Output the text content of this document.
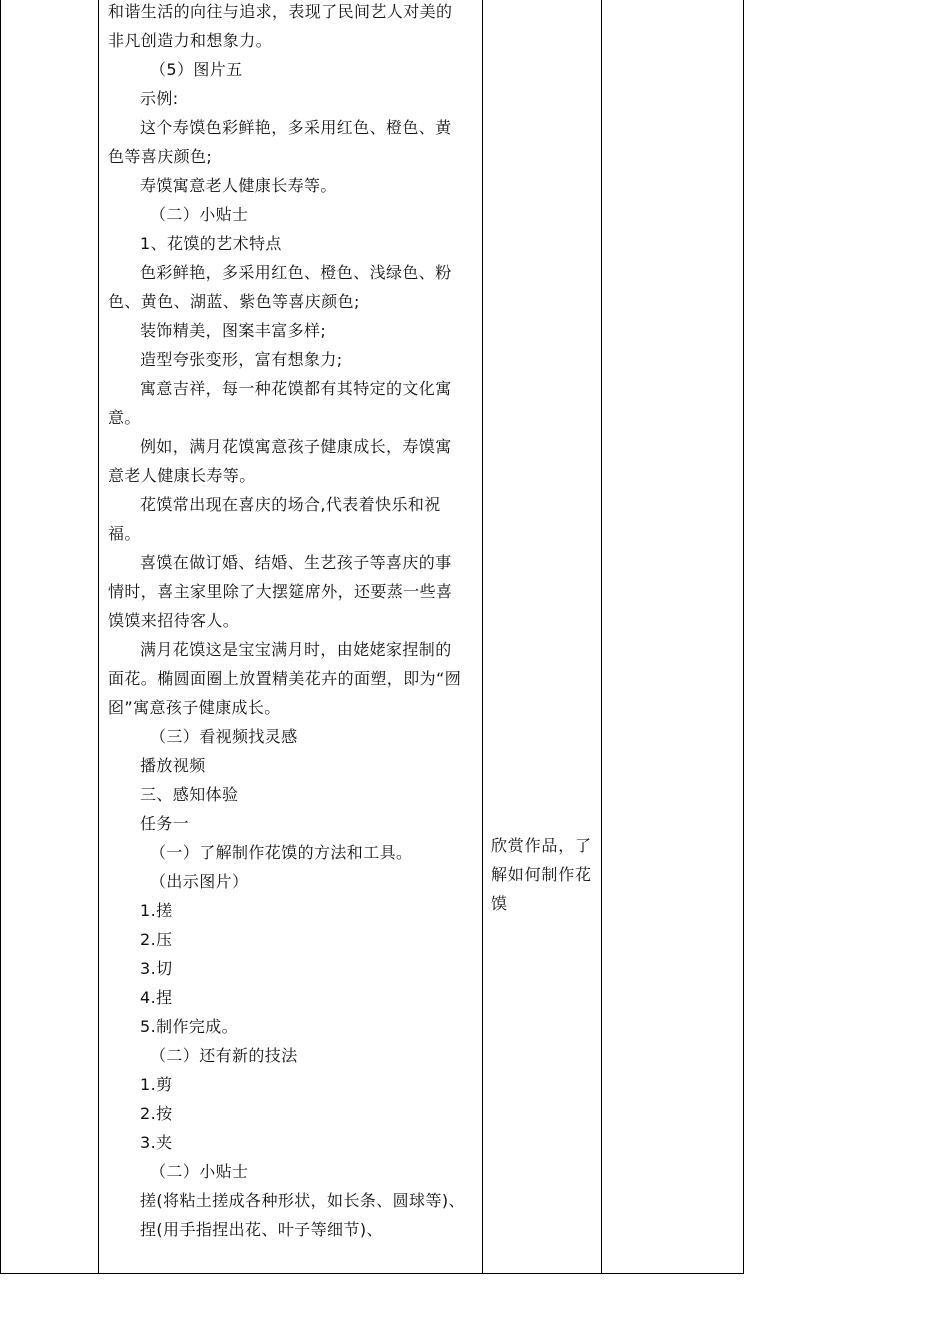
和谐生活的向往与追求，表现了民间艺人对美的
非凡创造力和想象力。
（5）图片五
示例:
这个寿馍色彩鲜艳，多采用红色、橙色、黄
色等喜庆颜色;
寿馍寓意老人健康长寿等。
（二）小贴士
1、花馍的艺术特点
色彩鲜艳，多采用红色、橙色、浅绿色、粉
色、黄色、湖蓝、紫色等喜庆颜色;
装饰精美，图案丰富多样;
造型夸张变形，富有想象力;
寓意吉祥，每一种花馍都有其特定的文化寓
意。
例如，满月花馍寓意孩子健康成长，寿馍寓
意老人健康长寿等。
花馍常出现在喜庆的场合,代表着快乐和祝
福。
喜馍在做订婚、结婚、生艺孩子等喜庆的事
情时，喜主家里除了大摆筵席外，还要蒸一些喜
馍馍来招待客人。
满月花馍这是宝宝满月时，由姥姥家捏制的
面花。椭圆面圈上放置精美花卉的面塑，即为“囫
囵”寓意孩子健康成长。
（三）看视频找灵感
播放视频
三、感知体验
任务一
（一）了解制作花馍的方法和工具。
（出示图片）
1.搓
2.压
3.切
4.捏
5.制作完成。
（二）还有新的技法
1.剪
2.按
3.夹
（二）小贴士
搓(将粘土搓成各种形状，如长条、圆球等)、
捏(用手指捏出花、叶子等细节)、
欣赏作品，了
解如何制作花
馍
